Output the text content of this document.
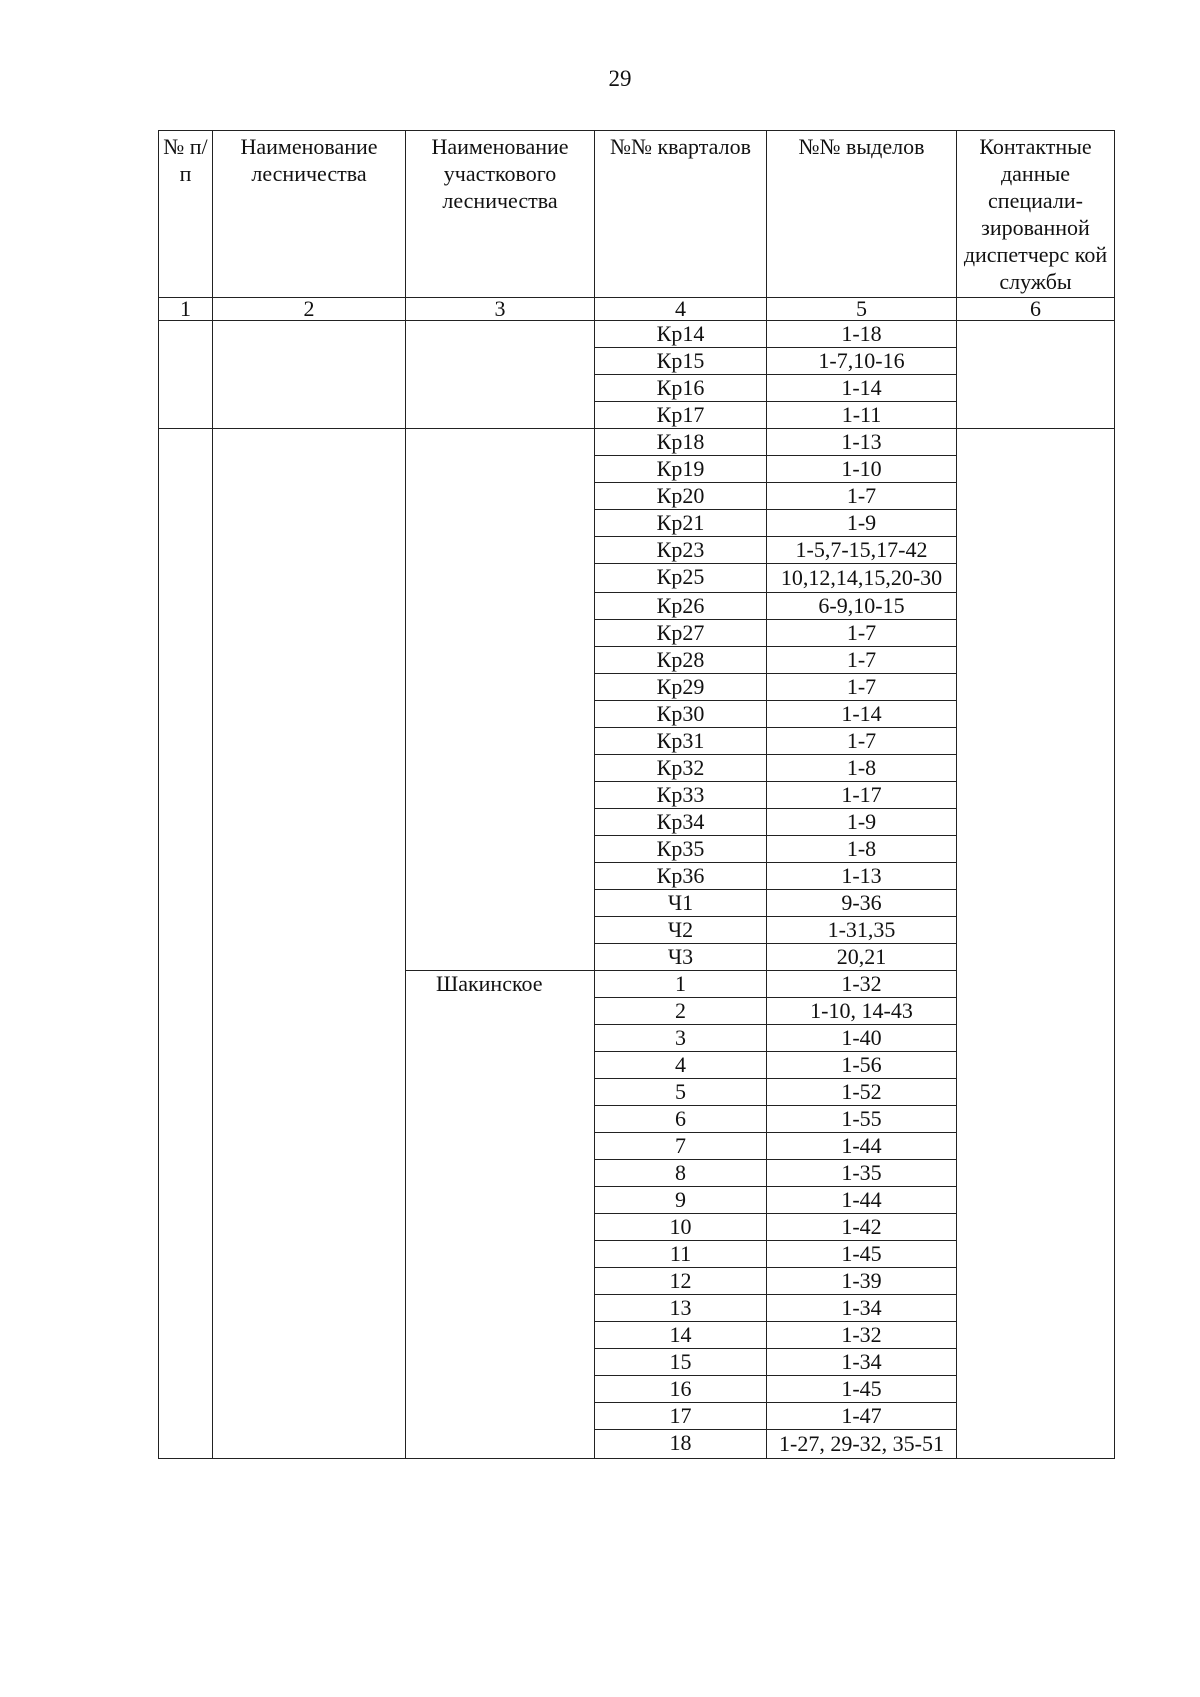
29
№ п/п	Наименование лесничества	Наименование участкового лесничества	№№ кварталов	№№ выделов	Контактные данные специали-зированной диспетчерс кой службы
1	2	3	4	5	6
			Кр14	1-18	
			Кр15	1-7,10-16	
			Кр16	1-14	
			Кр17	1-11	
			Кр18	1-13	
			Кр19	1-10	
			Кр20	1-7	
			Кр21	1-9	
			Кр23	1-5,7-15,17-42	
			Кр25	10,12,14,15,20-30	
			Кр26	6-9,10-15	
			Кр27	1-7	
			Кр28	1-7	
			Кр29	1-7	
			Кр30	1-14	
			Кр31	1-7	
			Кр32	1-8	
			Кр33	1-17	
			Кр34	1-9	
			Кр35	1-8	
			Кр36	1-13	
			Ч1	9-36	
			Ч2	1-31,35	
			Ч3	20,21	
		Шакинское	1	1-32	
			2	1-10, 14-43	
			3	1-40	
			4	1-56	
			5	1-52	
			6	1-55	
			7	1-44	
			8	1-35	
			9	1-44	
			10	1-42	
			11	1-45	
			12	1-39	
			13	1-34	
			14	1-32	
			15	1-34	
			16	1-45	
			17	1-47	
			18	1-27, 29-32, 35-51	
